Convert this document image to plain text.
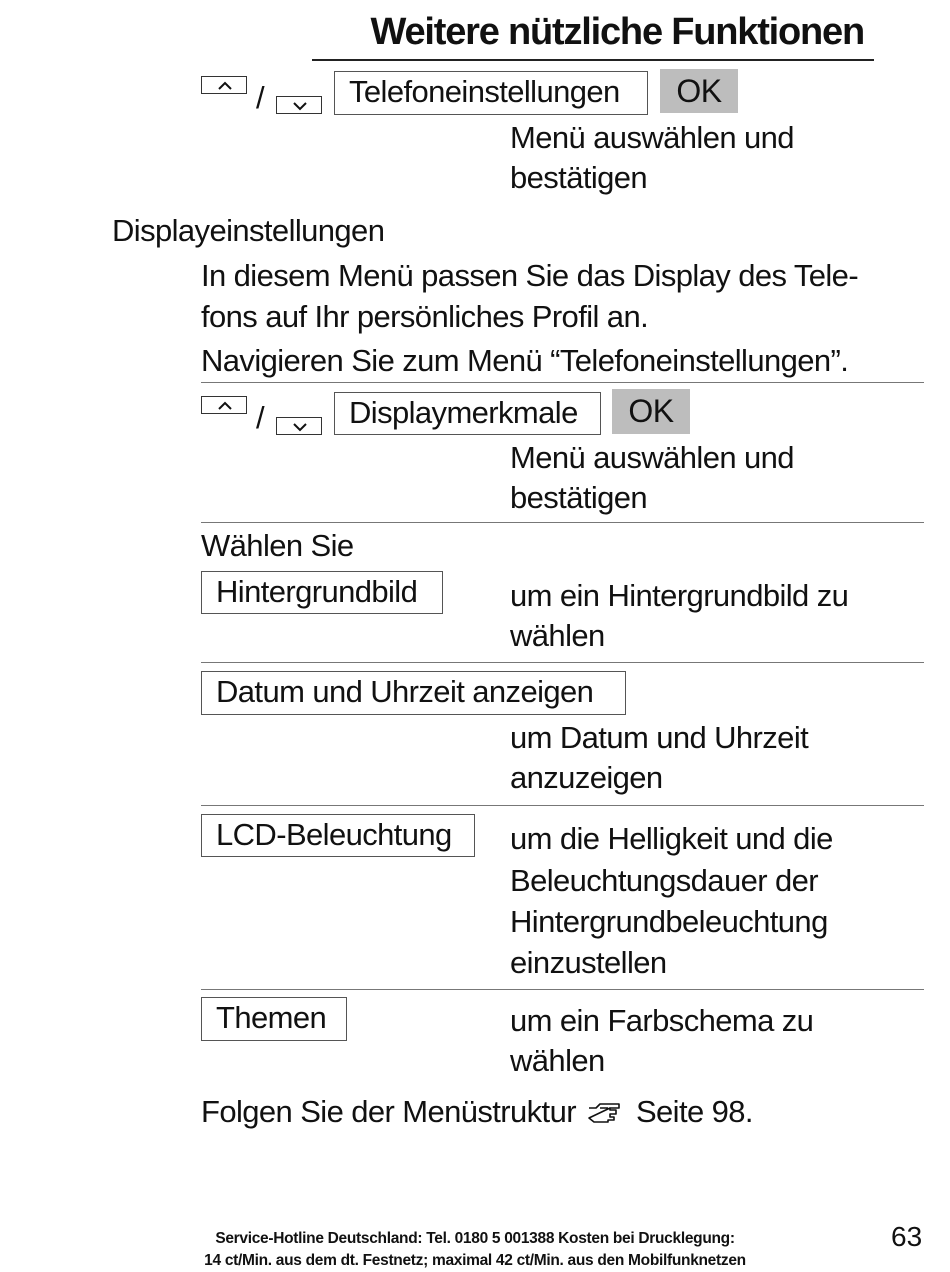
Weitere nützliche Funktionen
/	Telefoneinstellungen	OK
Menü auswählen und
bestätigen
Displayeinstellungen
In diesem Menü passen Sie das Display des Tele-
fons auf Ihr persönliches Profil an.
Navigieren Sie zum Menü “Telefoneinstellungen”.
/	Displaymerkmale	OK
Menü auswählen und
bestätigen
Wählen Sie
Hintergrundbild	um ein Hintergrundbild zu
wählen
Datum und Uhrzeit anzeigen
um Datum und Uhrzeit
anzuzeigen
LCD-Beleuchtung	um die Helligkeit und die
Beleuchtungsdauer der
Hintergrundbeleuchtung
einzustellen
Themen	um ein Farbschema zu
wählen
Folgen Sie der Menüstruktur Seite 98.
Service-Hotline Deutschland: Tel. 0180 5 001388 Kosten bei Drucklegung:
14 ct/Min. aus dem dt. Festnetz; maximal 42 ct/Min. aus den Mobilfunknetzen
63
